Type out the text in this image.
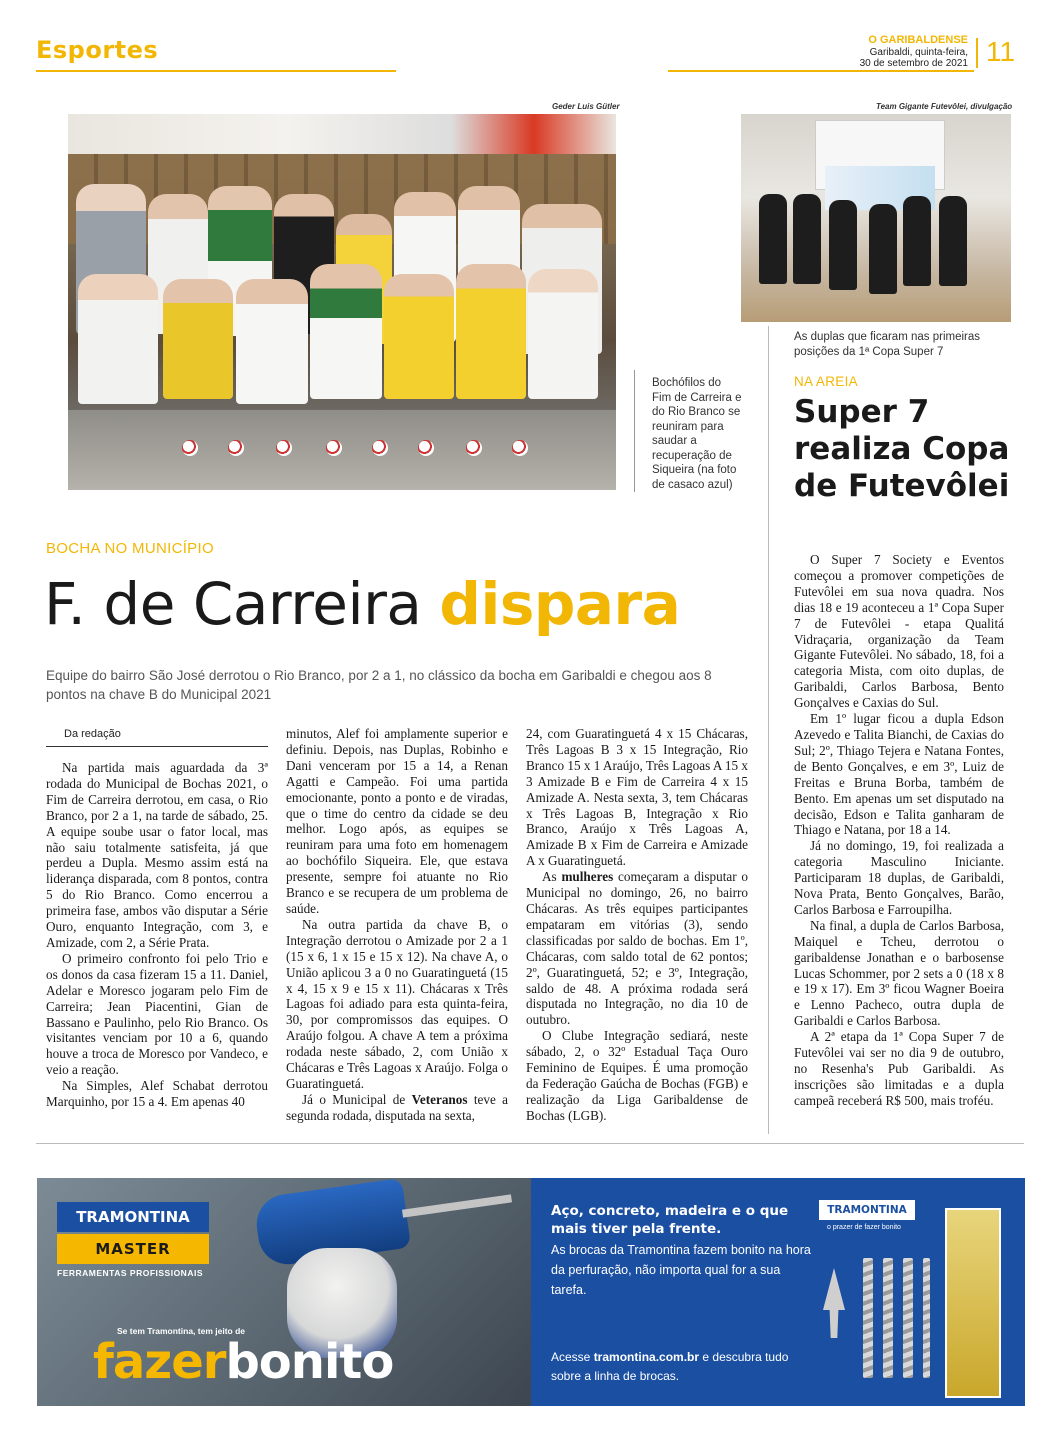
Esportes	O GARIBALDENSE
Garibaldi, quinta-feira,
30 de setembro de 2021 11
Geder Luis Gütler
Bochófilos do Fim de Carreira e do Rio Branco se reuniram para saudar a recuperação de Siqueira (na foto de casaco azul)
Team Gigante Futevôlei, divulgação
As duplas que ficaram nas primeiras posições da 1ª Copa Super 7
BOCHA NO MUNICÍPIO
F. de Carreira dispara
Equipe do bairro São José derrotou o Rio Branco, por 2 a 1, no clássico da bocha em Garibaldi e chegou aos 8 pontos na chave B do Municipal 2021
Da redação

Na partida mais aguardada da 3ª rodada do Municipal de Bochas 2021, o Fim de Carreira derrotou, em casa, o Rio Branco, por 2 a 1, na tarde de sábado, 25. A equipe soube usar o fator local, mas não saiu totalmente satisfeita, já que perdeu a Dupla. Mesmo assim está na liderança disparada, com 8 pontos, contra 5 do Rio Branco. Como encerrou a primeira fase, ambos vão disputar a Série Ouro, enquanto Integração, com 3, e Amizade, com 2, a Série Prata.

O primeiro confronto foi pelo Trio e os donos da casa fizeram 15 a 11. Daniel, Adelar e Moresco jogaram pelo Fim de Carreira; Jean Piacentini, Gian de Bassano e Paulinho, pelo Rio Branco. Os visitantes venciam por 10 a 6, quando houve a troca de Moresco por Vandeco, e veio a reação.

Na Simples, Alef Schabat derrotou Marquinho, por 15 a 4. Em apenas 40

minutos, Alef foi amplamente superior e definiu. Depois, nas Duplas, Robinho e Dani venceram por 15 a 14, a Renan Agatti e Campeão. Foi uma partida emocionante, ponto a ponto e de viradas, que o time do centro da cidade se deu melhor. Logo após, as equipes se reuniram para uma foto em homenagem ao bochófilo Siqueira. Ele, que estava presente, sempre foi atuante no Rio Branco e se recupera de um problema de saúde.

Na outra partida da chave B, o Integração derrotou o Amizade por 2 a 1 (15 x 6, 1 x 15 e 15 x 12). Na chave A, o União aplicou 3 a 0 no Guaratinguetá (15 x 4, 15 x 9 e 15 x 11). Chácaras x Três Lagoas foi adiado para esta quinta-feira, 30, por compromissos das equipes. O Araújo folgou. A chave A tem a próxima rodada neste sábado, 2, com União x Chácaras e Três Lagoas x Araújo. Folga o Guaratinguetá.

Já o Municipal de Veteranos teve a segunda rodada, disputada na sexta,

24, com Guaratinguetá 4 x 15 Chácaras, Três Lagoas B 3 x 15 Integração, Rio Branco 15 x 1 Araújo, Três Lagoas A 15 x 3 Amizade B e Fim de Carreira 4 x 15 Amizade A. Nesta sexta, 3, tem Chácaras x Três Lagoas B, Integração x Rio Branco, Araújo x Três Lagoas A, Amizade B x Fim de Carreira e Amizade A x Guaratinguetá.

As mulheres começaram a disputar o Municipal no domingo, 26, no bairro Chácaras. As três equipes participantes empataram em vitórias (3), sendo classificadas por saldo de bochas. Em 1º, Chácaras, com saldo total de 62 pontos; 2º, Guaratinguetá, 52; e 3º, Integração, saldo de 48. A próxima rodada será disputada no Integração, no dia 10 de outubro.

O Clube Integração sediará, neste sábado, 2, o 32º Estadual Taça Ouro Feminino de Equipes. É uma promoção da Federação Gaúcha de Bochas (FGB) e realização da Liga Garibaldense de Bochas (LGB).

NA AREIA
Super 7 realiza Copa de Futevôlei

O Super 7 Society e Eventos começou a promover competições de Futevôlei em sua nova quadra. Nos dias 18 e 19 aconteceu a 1ª Copa Super 7 de Futevôlei - etapa Qualitá Vidraçaria, organização da Team Gigante Futevôlei. No sábado, 18, foi a categoria Mista, com oito duplas, de Garibaldi, Carlos Barbosa, Bento Gonçalves e Caxias do Sul.

Em 1º lugar ficou a dupla Edson Azevedo e Talita Bianchi, de Caxias do Sul; 2º, Thiago Tejera e Natana Fontes, de Bento Gonçalves, e em 3º, Luiz de Freitas e Bruna Borba, também de Bento. Em apenas um set disputado na decisão, Edson e Talita ganharam de Thiago e Natana, por 18 a 14.

Já no domingo, 19, foi realizada a categoria Masculino Iniciante. Participaram 18 duplas, de Garibaldi, Nova Prata, Bento Gonçalves, Barão, Carlos Barbosa e Farroupilha.

Na final, a dupla de Carlos Barbosa, Maiquel e Tcheu, derrotou o garibaldense Jonathan e o barbosense Lucas Schommer, por 2 sets a 0 (18 x 8 e 19 x 17). Em 3º ficou Wagner Boeira e Lenno Pacheco, outra dupla de Garibaldi e Carlos Barbosa.

A 2ª etapa da 1ª Copa Super 7 de Futevôlei vai ser no dia 9 de outubro, no Resenha's Pub Garibaldi. As inscrições são limitadas e a dupla campeã receberá R$ 500, mais troféu.

TRAMONTINA
MASTER
FERRAMENTAS PROFISSIONAIS
Se tem Tramontina, tem jeito de
fazerbonito
Aço, concreto, madeira e o que mais tiver pela frente.
As brocas da Tramontina fazem bonito na hora da perfuração, não importa qual for a sua tarefa.
Acesse tramontina.com.br e descubra tudo sobre a linha de brocas.
TRAMONTINA
o prazer de fazer bonito
